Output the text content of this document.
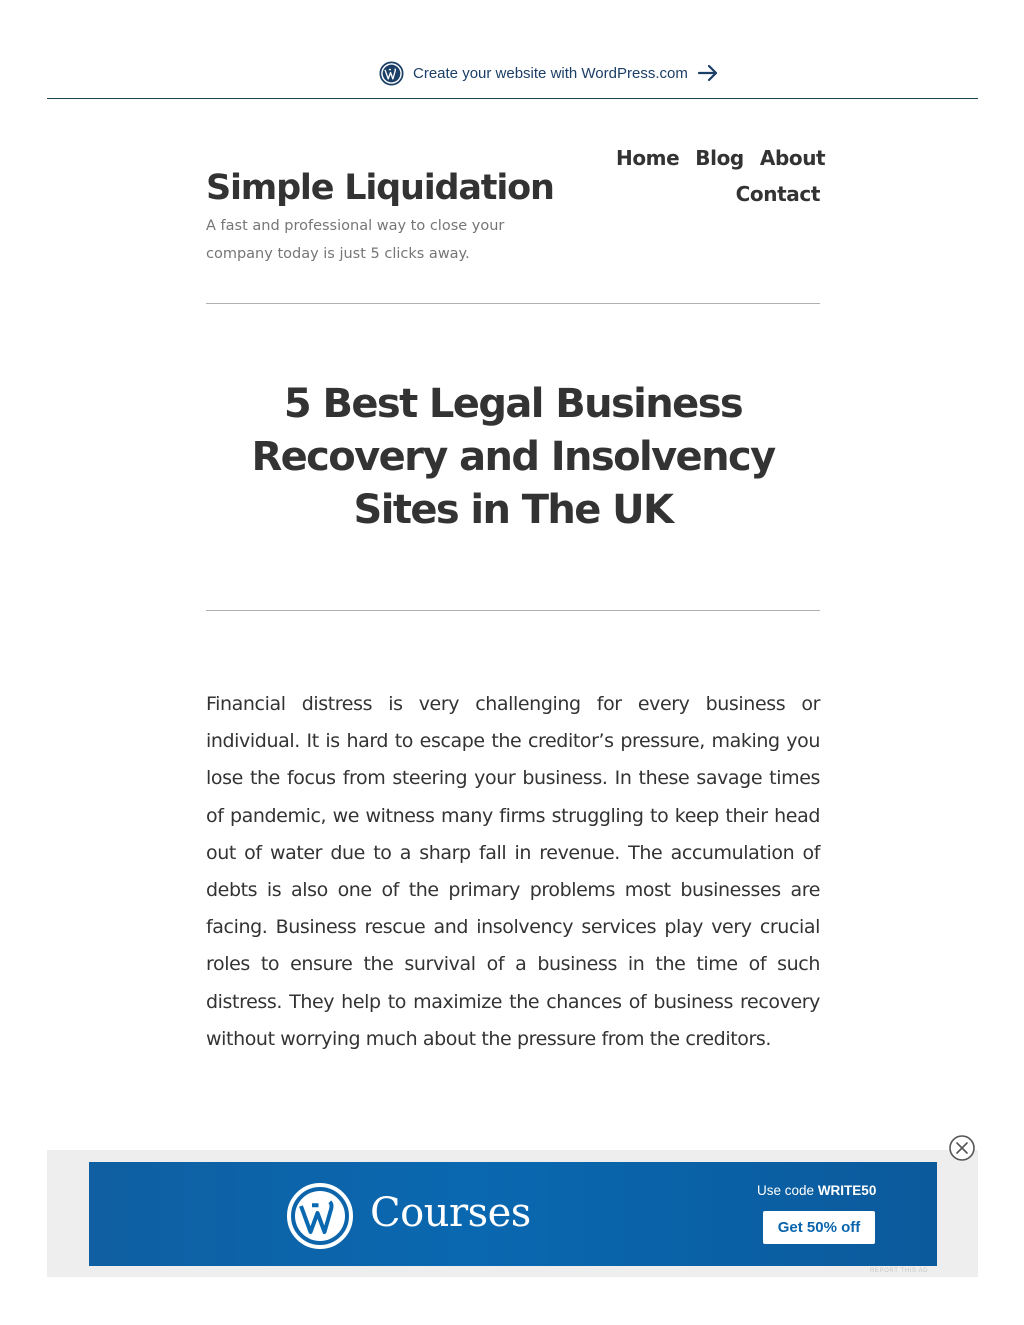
Create your website with WordPress.com
Simple Liquidation
A fast and professional way to close your company today is just 5 clicks away.
Home Blog About
Contact
5 Best Legal Business Recovery and Insolvency Sites in The UK

Financial distress is very challenging for every business or individual. It is hard to escape the creditor’s pressure, making you lose the focus from steering your business. In these savage times of pandemic, we witness many firms struggling to keep their head out of water due to a sharp fall in revenue. The accumulation of debts is also one of the primary problems most businesses are facing. Business rescue and insolvency services play very crucial roles to ensure the survival of a business in the time of such distress. They help to maximize the chances of business recovery without worrying much about the pressure from the creditors.

Courses	Use code WRITE50
Get 50% off
REPORT THIS AD
